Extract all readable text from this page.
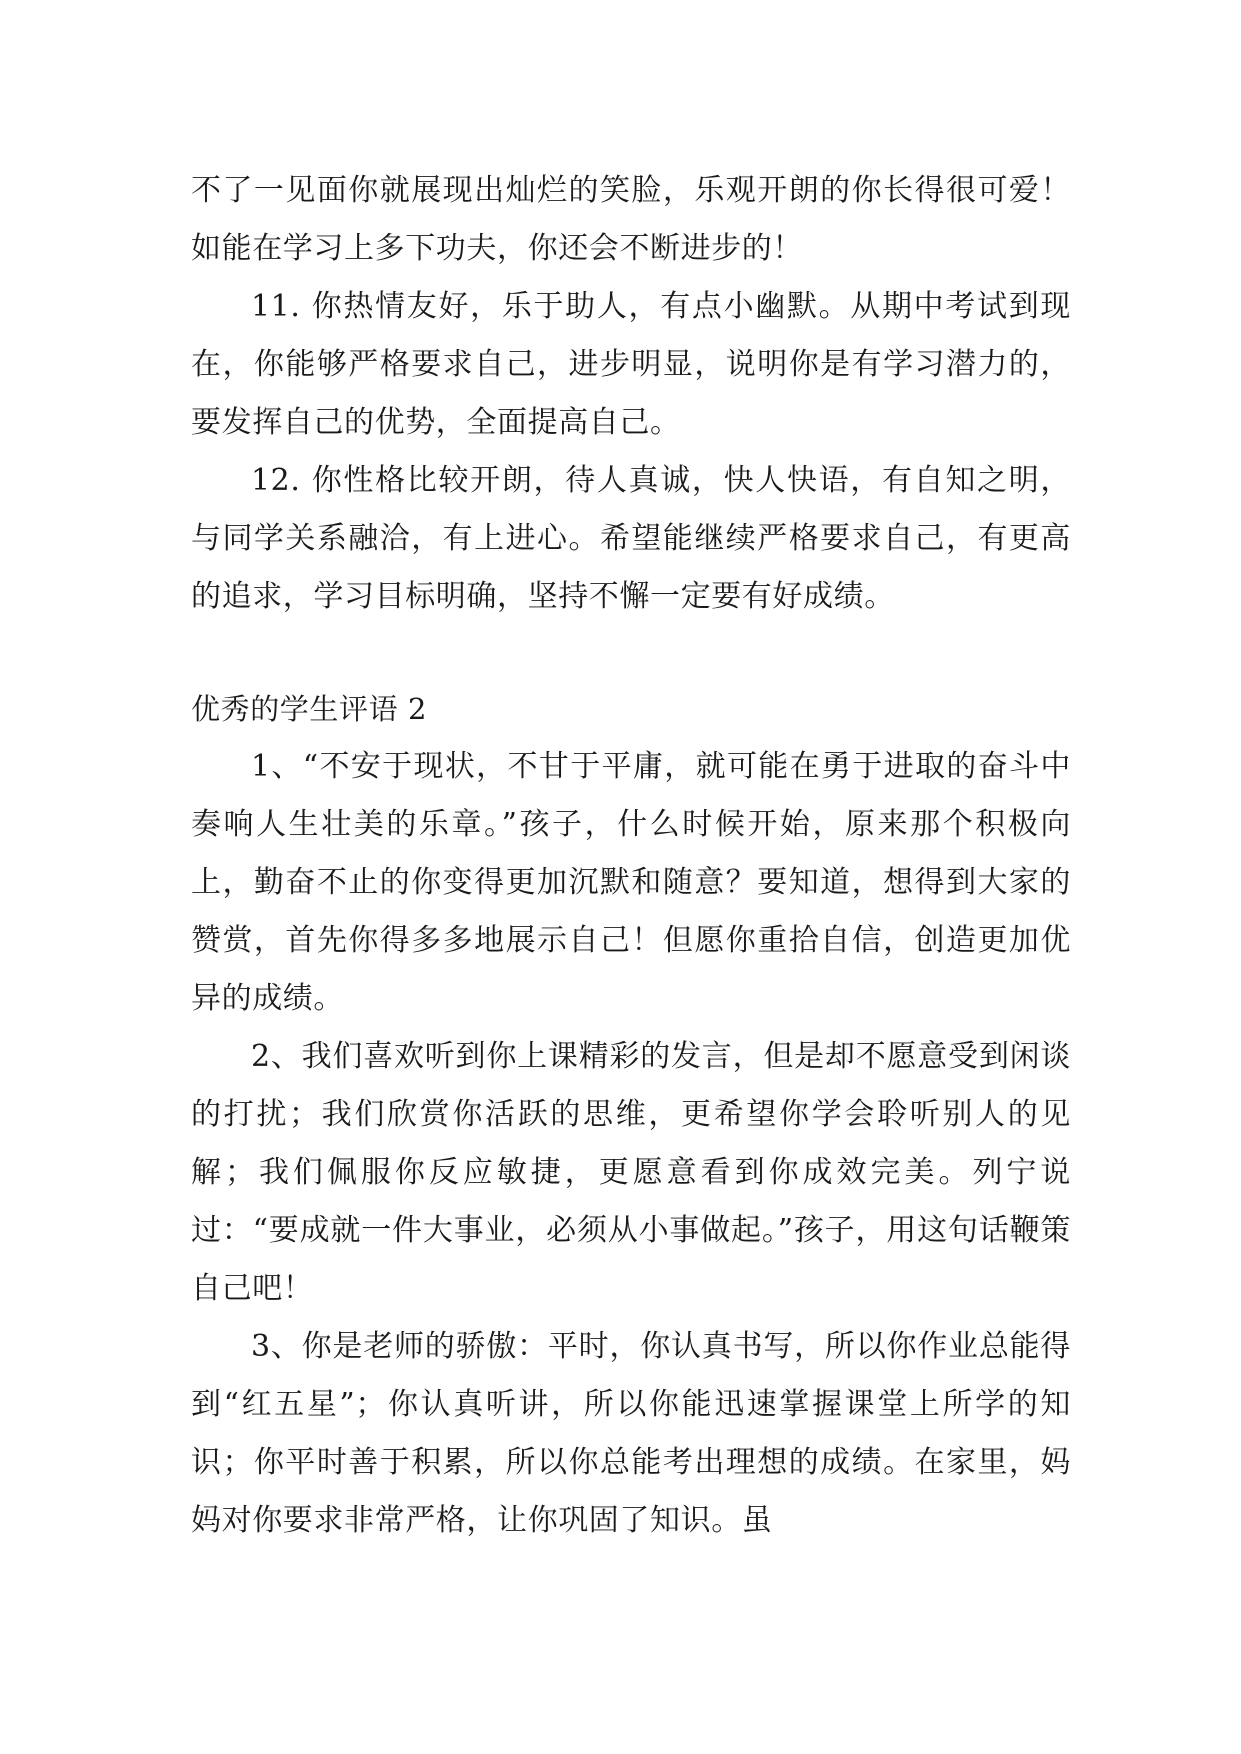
不了一见面你就展现出灿烂的笑脸，乐观开朗的你长得很可爱！如能在学习上多下功夫，你还会不断进步的！

11. 你热情友好，乐于助人，有点小幽默。从期中考试到现在，你能够严格要求自己，进步明显，说明你是有学习潜力的，要发挥自己的优势，全面提高自己。

12. 你性格比较开朗，待人真诚，快人快语，有自知之明，与同学关系融洽，有上进心。希望能继续严格要求自己，有更高的追求，学习目标明确，坚持不懈一定要有好成绩。

优秀的学生评语 2

1、“不安于现状，不甘于平庸，就可能在勇于进取的奋斗中奏响人生壮美的乐章。”孩子，什么时候开始，原来那个积极向上，勤奋不止的你变得更加沉默和随意？要知道，想得到大家的赞赏，首先你得多多地展示自己！但愿你重拾自信，创造更加优异的成绩。

2、我们喜欢听到你上课精彩的发言，但是却不愿意受到闲谈的打扰；我们欣赏你活跃的思维，更希望你学会聆听别人的见解；我们佩服你反应敏捷，更愿意看到你成效完美。列宁说过：“要成就一件大事业，必须从小事做起。”孩子，用这句话鞭策自己吧！

3、你是老师的骄傲：平时，你认真书写，所以你作业总能得到“红五星”；你认真听讲，所以你能迅速掌握课堂上所学的知识；你平时善于积累，所以你总能考出理想的成绩。在家里，妈妈对你要求非常严格，让你巩固了知识。虽
